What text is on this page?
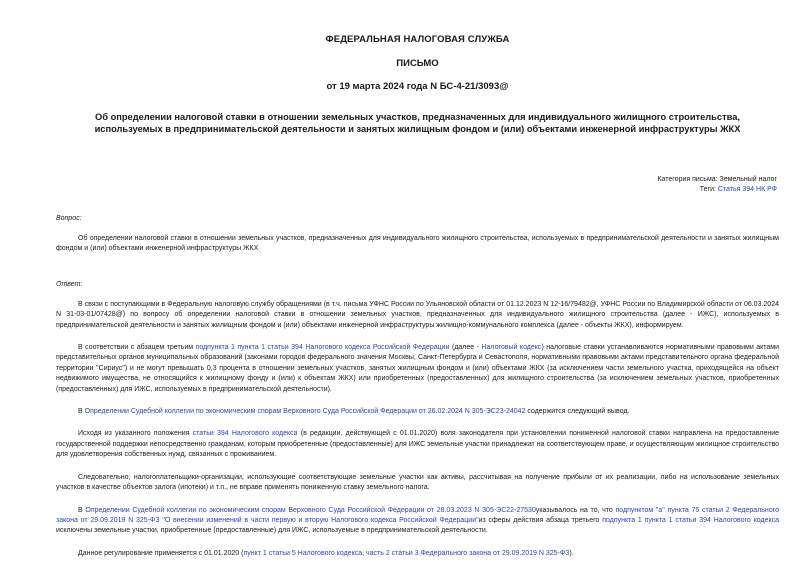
ФЕДЕРАЛЬНАЯ НАЛОГОВАЯ СЛУЖБА
ПИСЬМО
от 19 марта 2024 года N БС-4-21/3093@
Об определении налоговой ставки в отношении земельных участков, предназначенных для индивидуального жилищного строительства, используемых в предпринимательской деятельности и занятых жилищным фондом и (или) объектами инженерной инфраструктуры ЖКХ
Категория письма: Земельный налог
Теги: Статья 394 НК РФ
Вопрос:

Об определении налоговой ставки в отношении земельных участков, предназначенных для индивидуального жилищного строительства, используемых в предпринимательской деятельности и занятых жилищным фондом и (или) объектами инженерной инфраструктуры ЖКХ

Ответ:

В связи с поступающими в Федеральную налоговую службу обращениями (в т.ч. письма УФНС России по Ульяновской области от 01.12.2023 N 12-16/79482@, УФНС России по Владимирской области от 06.03.2024 N 31-03-01/07428@) по вопросу об определении налоговой ставки в отношении земельных участков, предназначенных для индивидуального жилищного строительства (далее - ИЖС), используемых в предпринимательской деятельности и занятых жилищным фондом и (или) объектами инженерной инфраструктуры жилищно-коммунального комплекса (далее - объекты ЖКХ), информируем.

В соответствии с абзацем третьим подпункта 1 пункта 1 статьи 394 Налогового кодекса Российской Федерации (далее - Налоговый кодекс) налоговые ставки устанавливаются нормативными правовыми актами представительных органов муниципальных образований (законами городов федерального значения Москвы, Санкт-Петербурга и Севастополя, нормативными правовыми актами представительного органа федеральной территории "Сириус") и не могут превышать 0,3 процента в отношении земельных участков, занятых жилищным фондом и (или) объектами ЖКХ (за исключением части земельного участка, приходящейся на объект недвижимого имущества, не относящийся к жилищному фонду и (или) к объектам ЖКХ) или приобретенных (предоставленных) для жилищного строительства (за исключением земельных участков, приобретенных (предоставленных) для ИЖС, используемых в предпринимательской деятельности).

В Определении Судебной коллегии по экономическим спорам Верховного Суда Российской Федерации от 26.02.2024 N 305-ЭС23-24042 содержится следующий вывод.

Исходя из указанного положения статьи 394 Налогового кодекса (в редакции, действующей с 01.01.2020) воля законодателя при установлении пониженной налоговой ставки направлена на предоставление государственной поддержки непосредственно гражданам, которым приобретенные (предоставленные) для ИЖС земельные участки принадлежат на соответствующем праве, и осуществляющим жилищное строительство для удовлетворения собственных нужд, связанных с проживанием.

Следовательно, налогоплательщики-организации, использующие соответствующие земельные участки как активы, рассчитывая на получение прибыли от их реализации, либо на использование земельных участков в качестве объектов залога (ипотеки) и т.п., не вправе применять пониженную ставку земельного налога.

В Определении Судебной коллегии по экономическим спорам Верховного Суда Российской Федерации от 28.03.2023 N 305-ЭС22-27530указывалось на то, что подпунктом "а" пункта 75 статьи 2 Федерального закона от 29.09.2019 N 325-ФЗ "О внесении изменений в части первую и вторую Налогового кодекса Российской Федерации"из сферы действия абзаца третьего подпункта 1 пункта 1 статьи 394 Налогового кодекса исключены земельные участки, приобретенные (предоставленные) для ИЖС, используемые в предпринимательской деятельности.

Данное регулирование применяется с 01.01.2020 (пункт 1 статьи 5 Налогового кодекса, часть 2 статьи 3 Федерального закона от 29.09.2019 N 325-ФЗ).
